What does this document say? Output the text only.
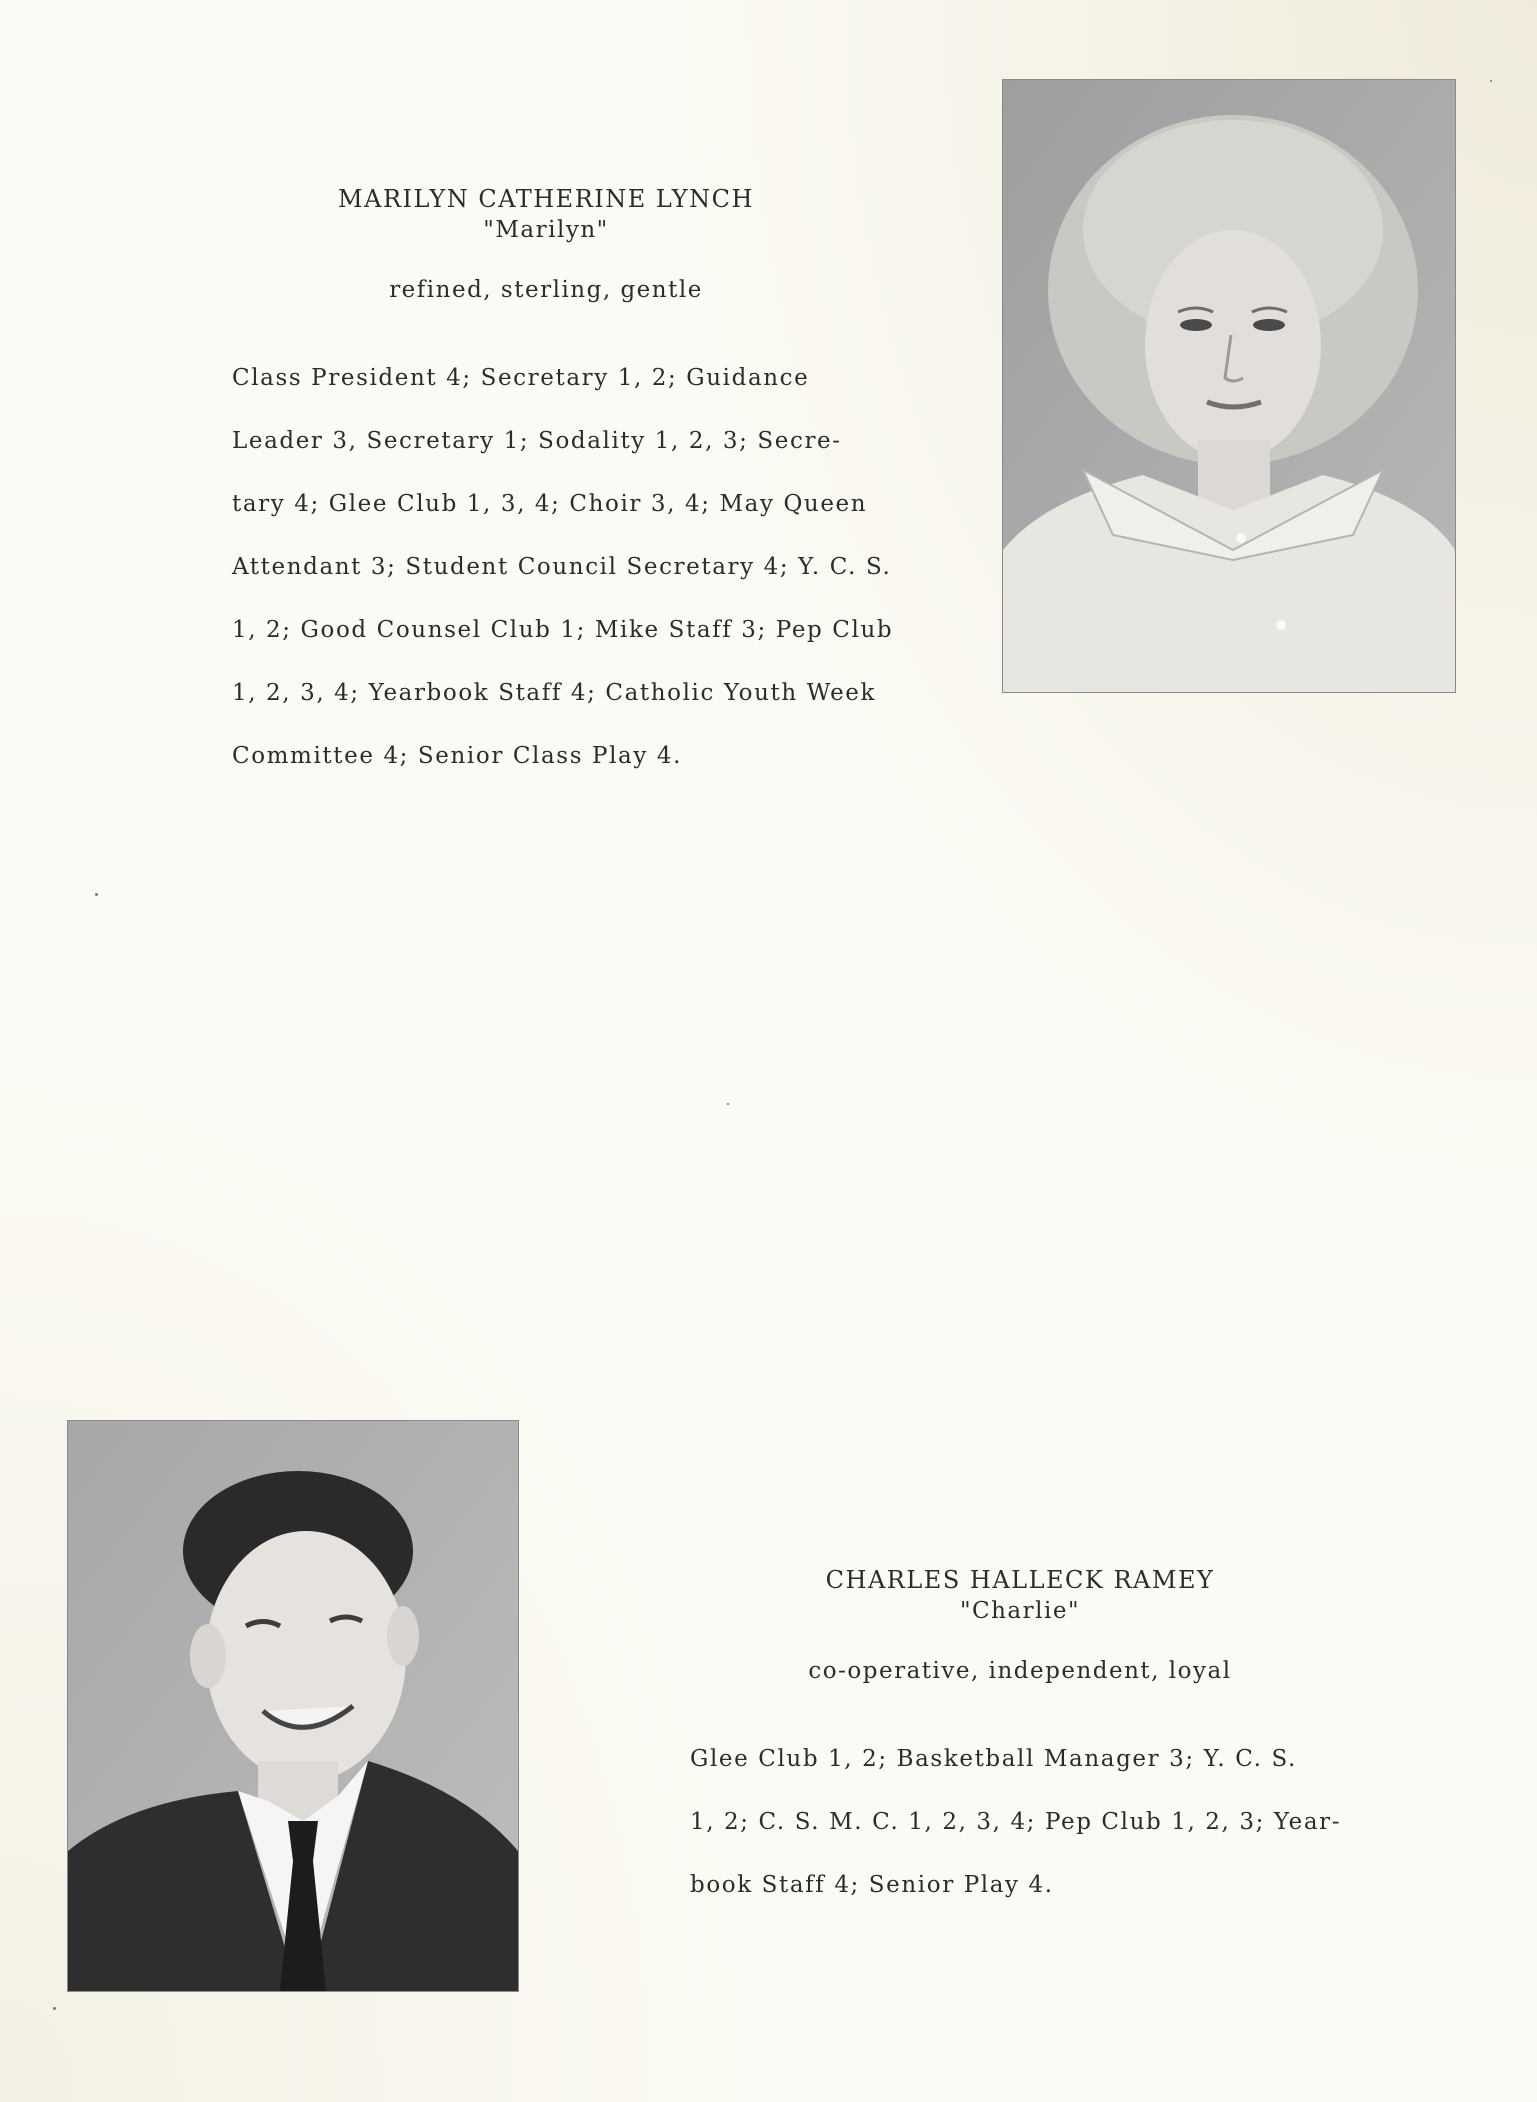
MARILYN CATHERINE LYNCH

"Marilyn"

refined, sterling, gentle

Class President 4; Secretary 1, 2; Guidance

Leader 3, Secretary 1; Sodality 1, 2, 3; Secre-

tary 4; Glee Club 1, 3, 4; Choir 3, 4; May Queen

Attendant 3; Student Council Secretary 4; Y. C. S.

1, 2; Good Counsel Club 1; Mike Staff 3; Pep Club

1, 2, 3, 4; Yearbook Staff 4; Catholic Youth Week

Committee 4; Senior Class Play 4.

CHARLES HALLECK RAMEY

"Charlie"

co-operative, independent, loyal

Glee Club 1, 2; Basketball Manager 3; Y. C. S.

1, 2; C. S. M. C. 1, 2, 3, 4; Pep Club 1, 2, 3; Year-

book Staff 4; Senior Play 4.
